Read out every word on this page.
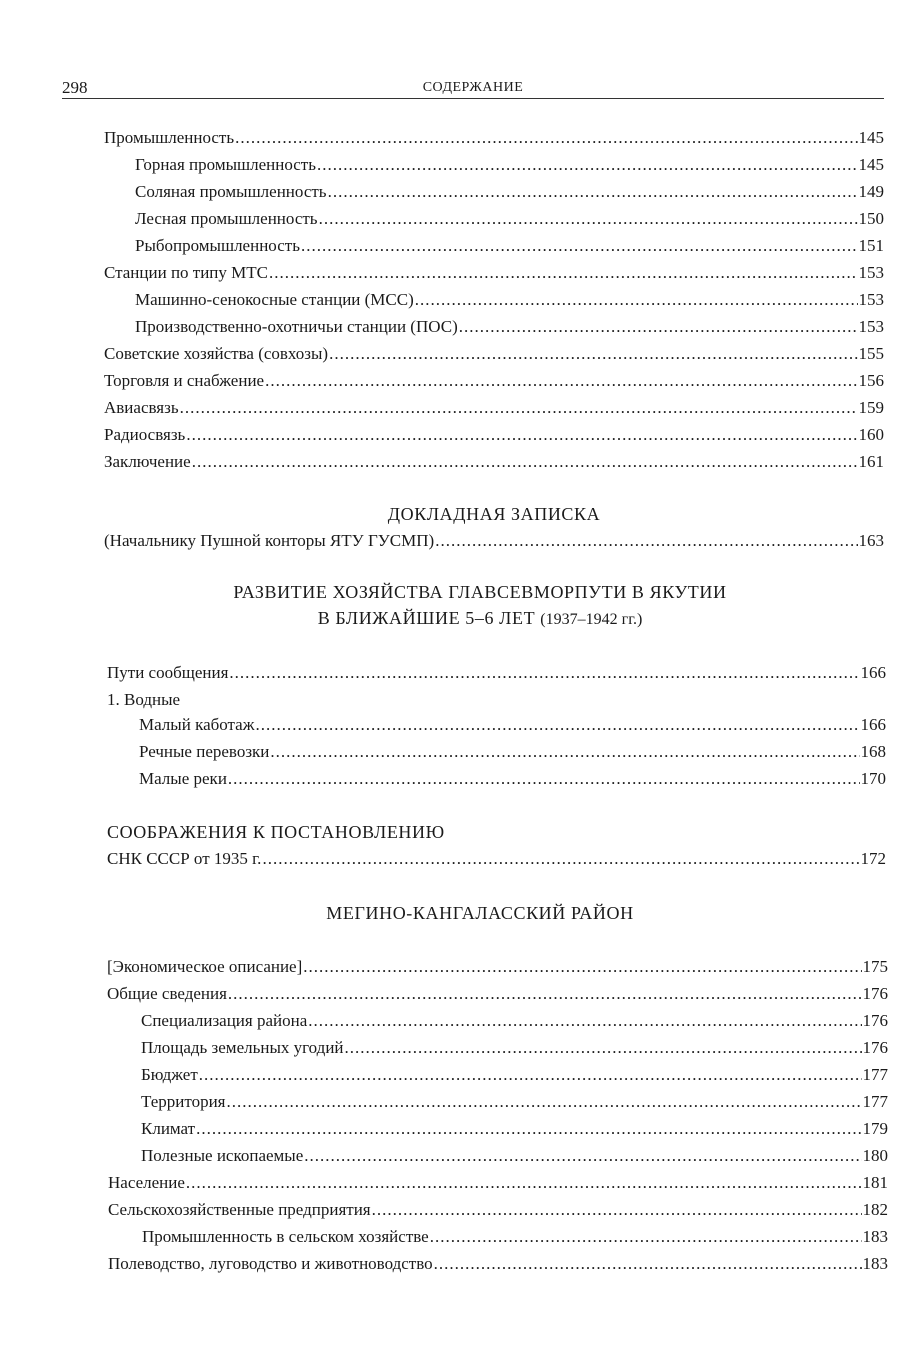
298	СОДЕРЖАНИЕ
Промышленность .....	145
Горная промышленность .....	145
Соляная промышленность .....	149
Лесная промышленность .....	150
Рыбопромышленность .....	151
Станции по типу МТС .....	153
Машинно-сенокосные станции (МСС) .....	153
Производственно-охотничьи станции (ПОС) .....	153
Советские хозяйства (совхозы) .....	155
Торговля и снабжение .....	156
Авиасвязь .....	159
Радиосвязь .....	160
Заключение .....	161
ДОКЛАДНАЯ ЗАПИСКА
(Начальнику Пушной конторы ЯТУ ГУСМП) .....	163
РАЗВИТИЕ ХОЗЯЙСТВА ГЛАВСЕВМОРПУТИ В ЯКУТИИ
В БЛИЖАЙШИЕ 5–6 ЛЕТ (1937–1942 гг.)
Пути сообщения .....	166
1. Водные
Малый каботаж .....	166
Речные перевозки .....	168
Малые реки .....	170
СООБРАЖЕНИЯ К ПОСТАНОВЛЕНИЮ
СНК СССР от 1935 г. .....	172
МЕГИНО-КАНГАЛАССКИЙ РАЙОН
[Экономическое описание] .....	175
Общие сведения .....	176
Специализация района .....	176
Площадь земельных угодий .....	176
Бюджет .....	177
Территория .....	177
Климат .....	179
Полезные ископаемые .....	180
Население .....	181
Сельскохозяйственные предприятия .....	182
Промышленность в сельском хозяйстве .....	183
Полеводство, луговодство и животноводство .....	183
